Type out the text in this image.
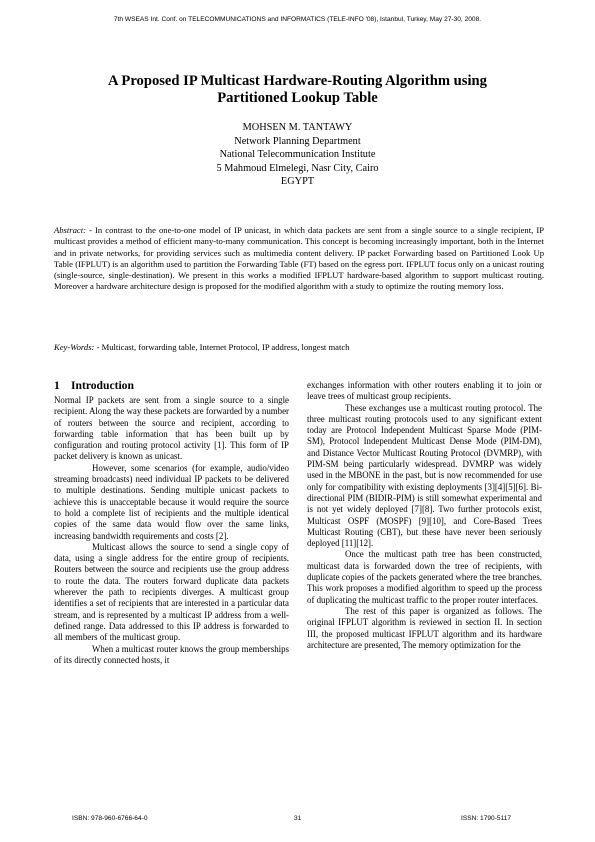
7th WSEAS Int. Conf. on TELECOMMUNICATIONS and INFORMATICS (TELE-INFO '08), Istanbul, Turkey, May 27-30, 2008.
A Proposed IP Multicast Hardware-Routing Algorithm using
Partitioned Lookup Table
MOHSEN M. TANTAWY
Network Planning Department
National Telecommunication Institute
5 Mahmoud Elmelegi, Nasr City, Cairo
EGYPT

Abstract: - In contrast to the one-to-one model of IP unicast, in which data packets are sent from a single source to a single recipient, IP multicast provides a method of efficient many-to-many communication. This concept is becoming increasingly important, both in the Internet and in private networks, for providing services such as multimedia content delivery. IP packet Forwarding based on Partitioned Look Up Table (IFPLUT) is an algorithm used to partition the Forwarding Table (FT) based on the egress port. IFPLUT focus only on a unicast routing (single-source, single-destination). We present in this works a modified IFPLUT hardware-based algorithm to support multicast routing. Moreover a hardware architecture design is proposed for the modified algorithm with a study to optimize the routing memory loss.

Key-Words: - Multicast, forwarding table, Internet Protocol, IP address, longest match

1 Introduction

Normal IP packets are sent from a single source to a single recipient. Along the way these packets are forwarded by a number of routers between the source and recipient, according to forwarding table information that has been built up by configuration and routing protocol activity [1]. This form of IP packet delivery is known as unicast.

However, some scenarios (for example, audio/video streaming broadcasts) need individual IP packets to be delivered to multiple destinations. Sending multiple unicast packets to achieve this is unacceptable because it would require the source to hold a complete list of recipients and the multiple identical copies of the same data would flow over the same links, increasing bandwidth requirements and costs [2].

Multicast allows the source to send a single copy of data, using a single address for the entire group of recipients. Routers between the source and recipients use the group address to route the data. The routers forward duplicate data packets wherever the path to recipients diverges. A multicast group identifies a set of recipients that are interested in a particular data stream, and is represented by a multicast IP address from a well-defined range. Data addressed to this IP address is forwarded to all members of the multicast group.

When a multicast router knows the group memberships of its directly connected hosts, it

exchanges information with other routers enabling it to join or leave trees of multicast group recipients.

These exchanges use a multicast routing protocol. The three multicast routing protocols used to any significant extent today are Protocol Independent Multicast Sparse Mode (PIM-SM), Protocol Independent Multicast Dense Mode (PIM-DM), and Distance Vector Multicast Routing Protocol (DVMRP), with PIM-SM being particularly widespread. DVMRP was widely used in the MBONE in the past, but is now recommended for use only for compatibility with existing deployments [3][4][5][6]. Bi-directional PIM (BIDIR-PIM) is still somewhat experimental and is not yet widely deployed [7][8]. Two further protocols exist, Multicast OSPF (MOSPF) [9][10], and Core-Based Trees Multicast Routing (CBT), but these have never been seriously deployed [11][12].

Once the multicast path tree has been constructed, multicast data is forwarded down the tree of recipients, with duplicate copies of the packets generated where the tree branches. This work proposes a modified algorithm to speed up the process of duplicating the multicast traffic to the proper router interfaces.

The rest of this paper is organized as follows. The original IFPLUT algorithm is reviewed in section II. In section III, the proposed multicast IFPLUT algorithm and its hardware architecture are presented, The memory optimization for the

ISBN: 978-960-6766-64-0	31	ISSN: 1790-5117
